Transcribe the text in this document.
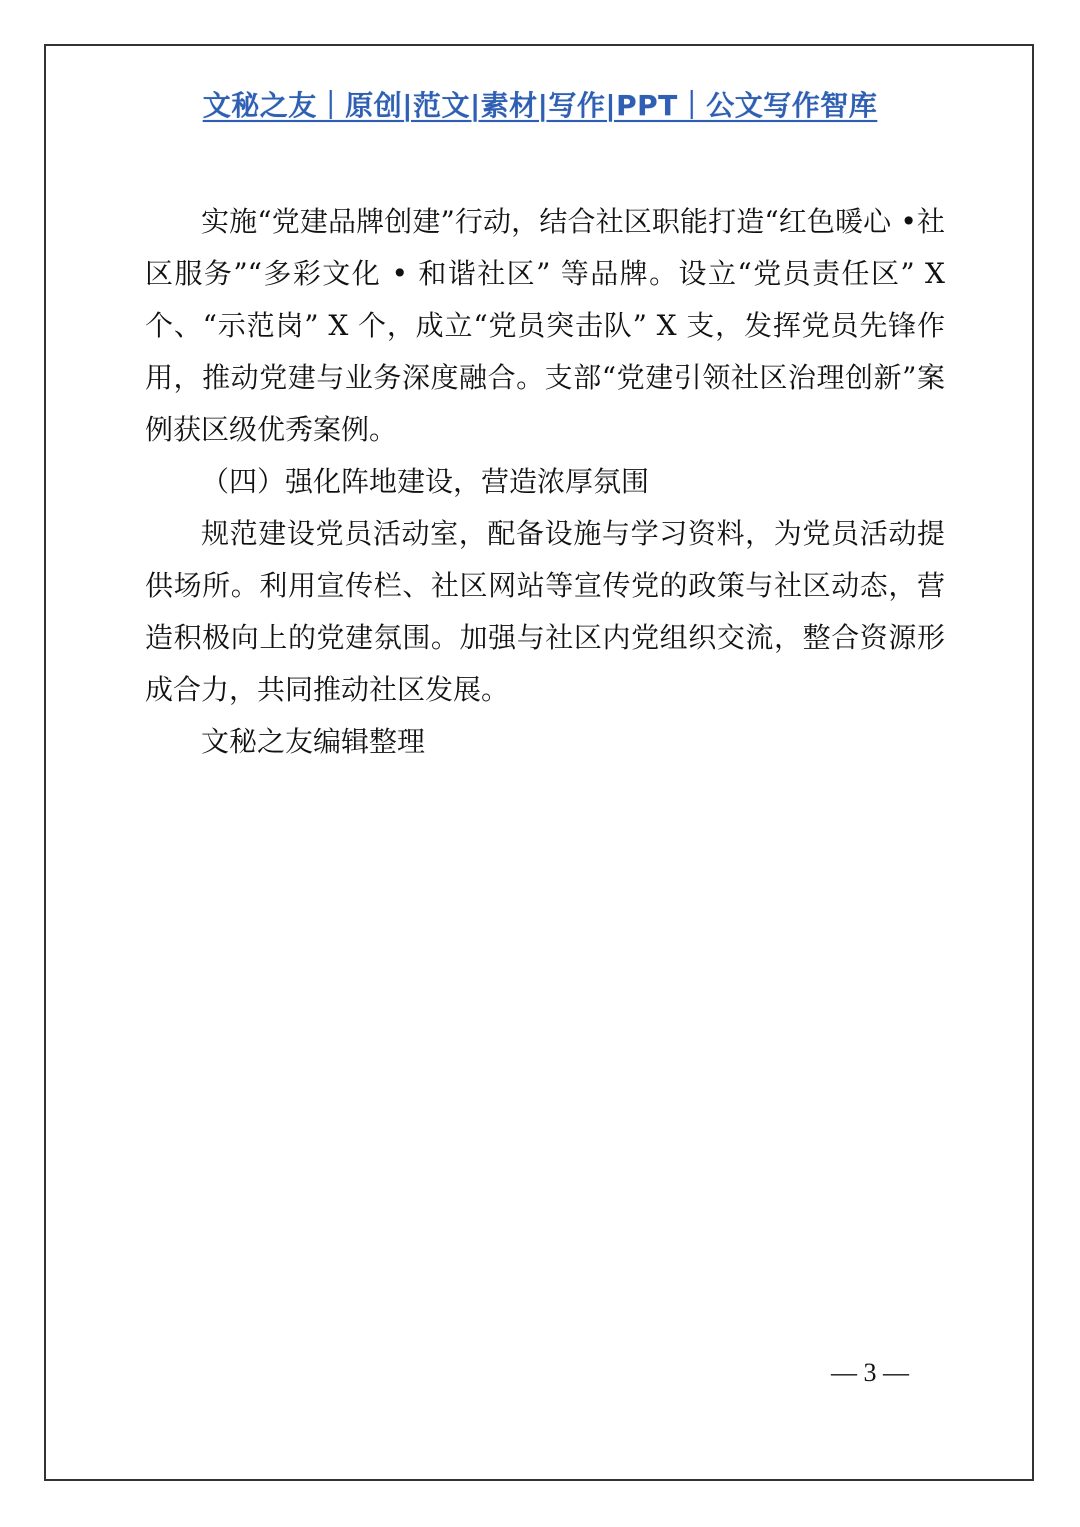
文秘之友｜原创|范文|素材|写作|PPT｜公文写作智库

实施“党建品牌创建”行动，结合社区职能打造“红色暖心 •社区服务”“多彩文化 • 和谐社区” 等品牌。设立“党员责任区” X 个、“示范岗” X 个，成立“党员突击队” X 支，发挥党员先锋作用，推动党建与业务深度融合。支部“党建引领社区治理创新”案例获区级优秀案例。

（四）强化阵地建设，营造浓厚氛围

规范建设党员活动室，配备设施与学习资料，为党员活动提供场所。利用宣传栏、社区网站等宣传党的政策与社区动态，营造积极向上的党建氛围。加强与社区内党组织交流，整合资源形成合力，共同推动社区发展。

文秘之友编辑整理

— 3 —
